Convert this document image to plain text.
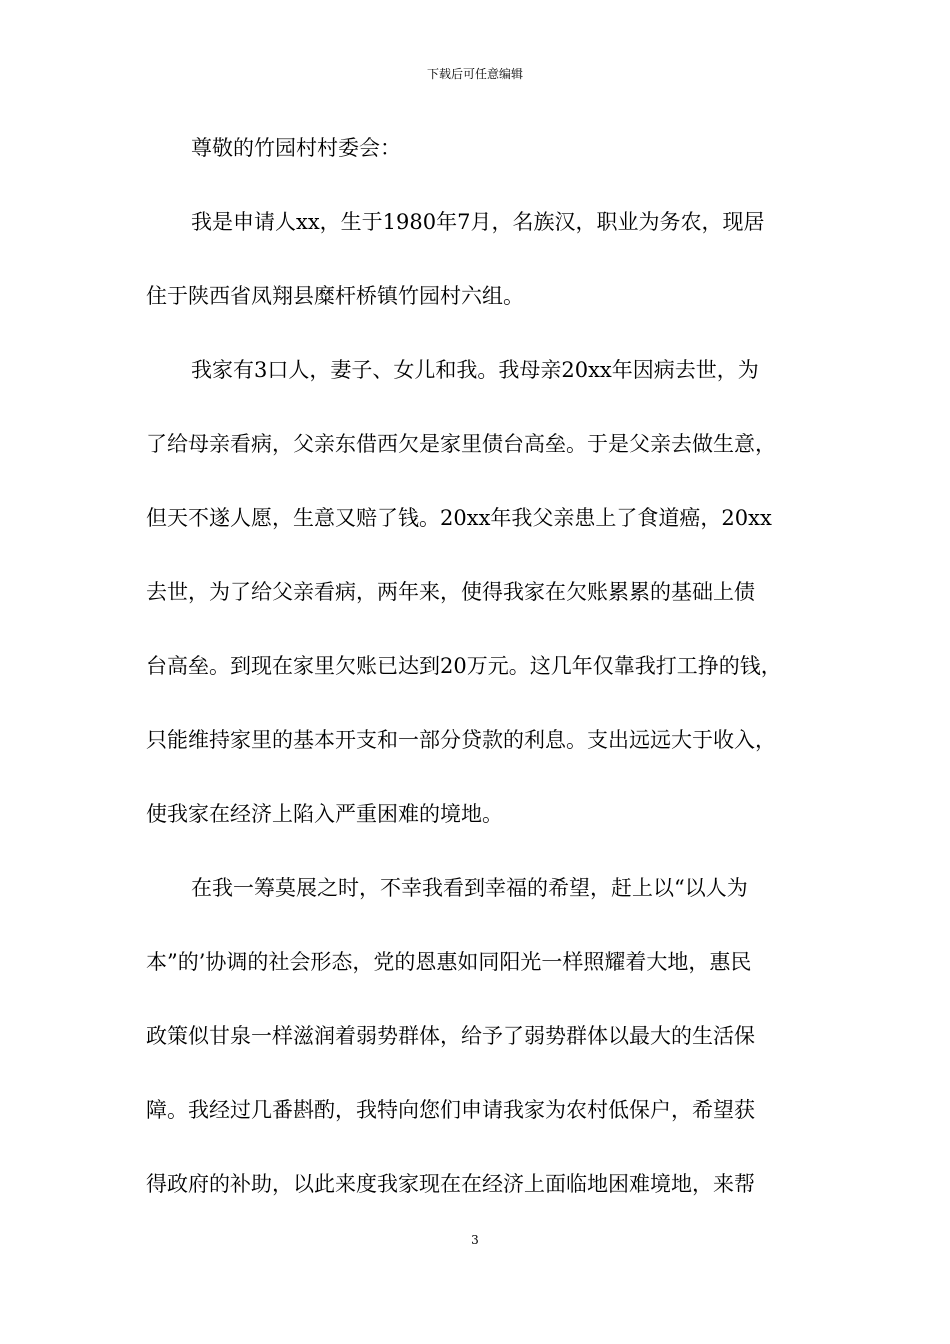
下载后可任意编辑
尊敬的竹园村村委会：
我是申请人xx，生于1980年7月，名族汉，职业为务农，现居
住于陕西省凤翔县糜杆桥镇竹园村六组。
我家有3口人，妻子、女儿和我。我母亲20xx年因病去世，为
了给母亲看病，父亲东借西欠是家里债台高垒。于是父亲去做生意，
但天不遂人愿，生意又赔了钱。20xx年我父亲患上了食道癌，20xx
去世，为了给父亲看病，两年来，使得我家在欠账累累的基础上债
台高垒。到现在家里欠账已达到20万元。这几年仅靠我打工挣的钱，
只能维持家里的基本开支和一部分贷款的利息。支出远远大于收入，
使我家在经济上陷入严重困难的境地。
在我一筹莫展之时，不幸我看到幸福的希望，赶上以“以人为
本”的’协调的社会形态，党的恩惠如同阳光一样照耀着大地，惠民
政策似甘泉一样滋润着弱势群体，给予了弱势群体以最大的生活保
障。我经过几番斟酌，我特向您们申请我家为农村低保户，希望获
得政府的补助，以此来度我家现在在经济上面临地困难境地，来帮
3
